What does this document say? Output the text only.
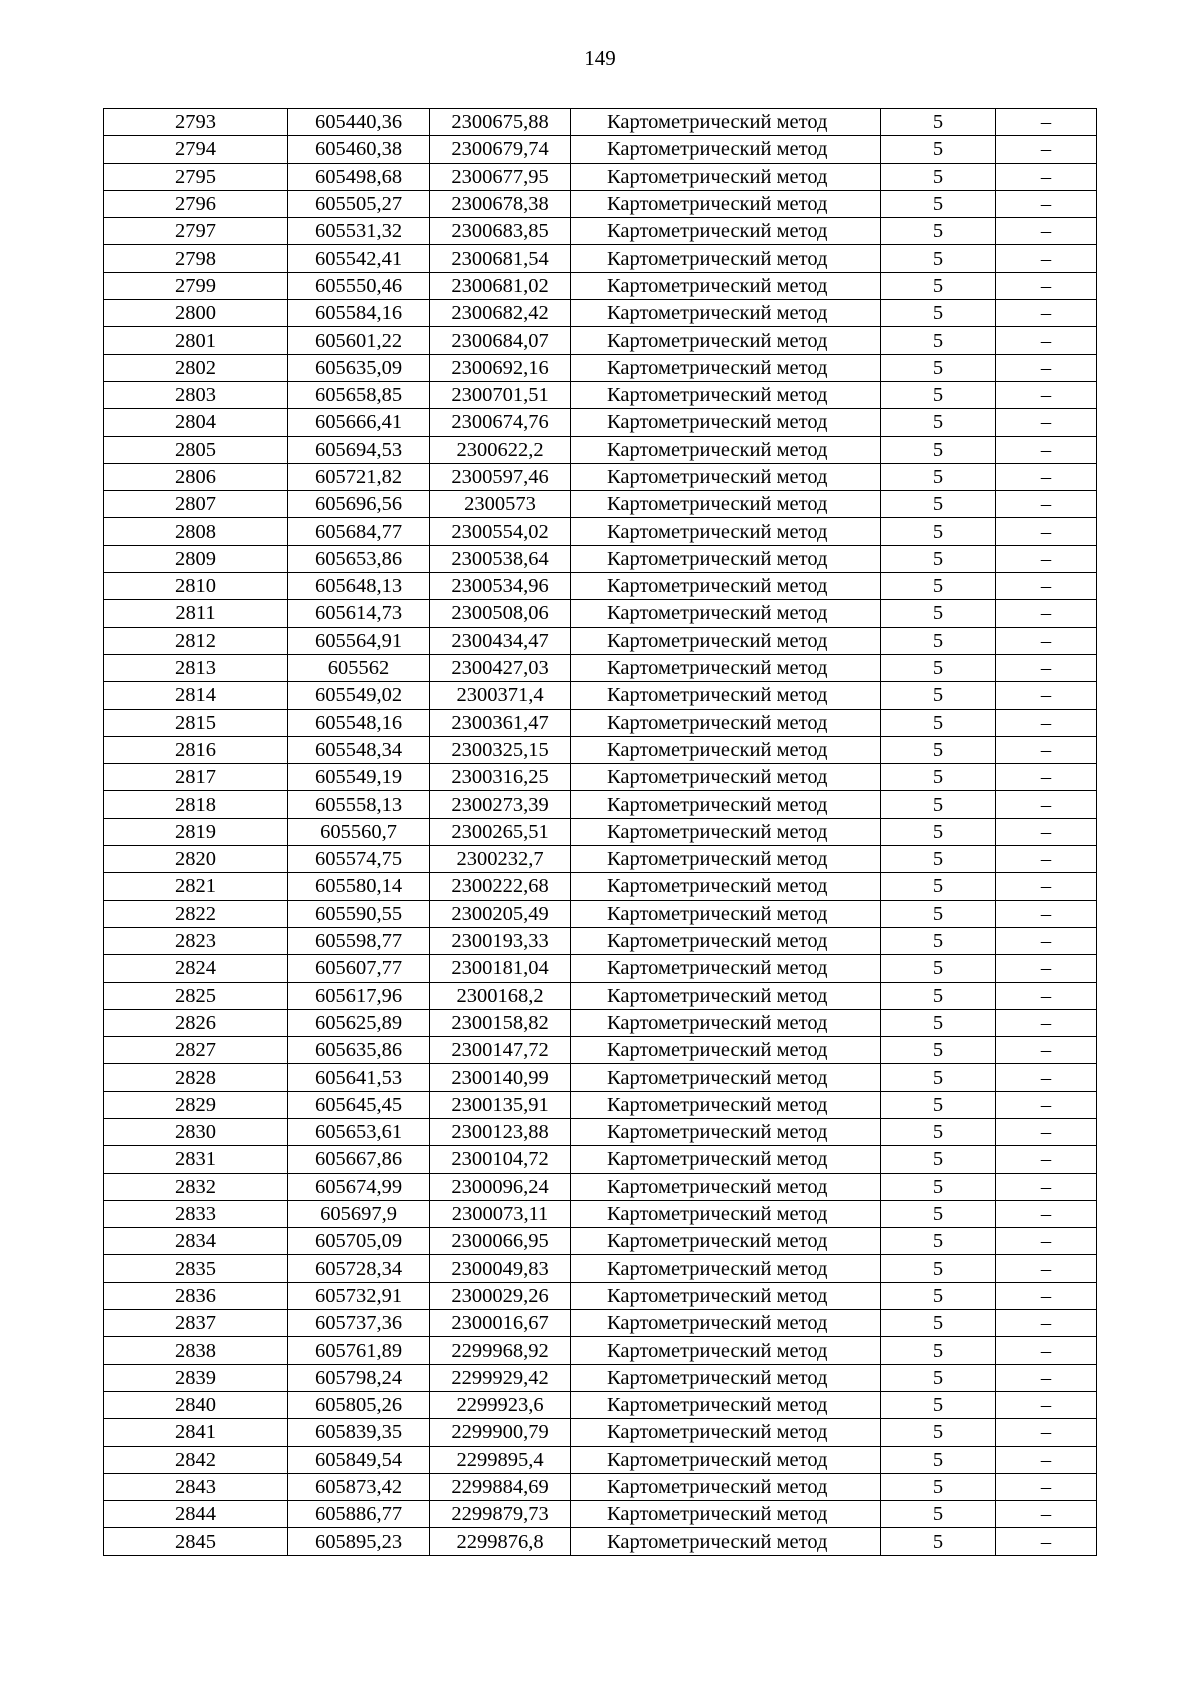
149
2793	605440,36	2300675,88	Картометрический метод	5	–
2794	605460,38	2300679,74	Картометрический метод	5	–
2795	605498,68	2300677,95	Картометрический метод	5	–
2796	605505,27	2300678,38	Картометрический метод	5	–
2797	605531,32	2300683,85	Картометрический метод	5	–
2798	605542,41	2300681,54	Картометрический метод	5	–
2799	605550,46	2300681,02	Картометрический метод	5	–
2800	605584,16	2300682,42	Картометрический метод	5	–
2801	605601,22	2300684,07	Картометрический метод	5	–
2802	605635,09	2300692,16	Картометрический метод	5	–
2803	605658,85	2300701,51	Картометрический метод	5	–
2804	605666,41	2300674,76	Картометрический метод	5	–
2805	605694,53	2300622,2	Картометрический метод	5	–
2806	605721,82	2300597,46	Картометрический метод	5	–
2807	605696,56	2300573	Картометрический метод	5	–
2808	605684,77	2300554,02	Картометрический метод	5	–
2809	605653,86	2300538,64	Картометрический метод	5	–
2810	605648,13	2300534,96	Картометрический метод	5	–
2811	605614,73	2300508,06	Картометрический метод	5	–
2812	605564,91	2300434,47	Картометрический метод	5	–
2813	605562	2300427,03	Картометрический метод	5	–
2814	605549,02	2300371,4	Картометрический метод	5	–
2815	605548,16	2300361,47	Картометрический метод	5	–
2816	605548,34	2300325,15	Картометрический метод	5	–
2817	605549,19	2300316,25	Картометрический метод	5	–
2818	605558,13	2300273,39	Картометрический метод	5	–
2819	605560,7	2300265,51	Картометрический метод	5	–
2820	605574,75	2300232,7	Картометрический метод	5	–
2821	605580,14	2300222,68	Картометрический метод	5	–
2822	605590,55	2300205,49	Картометрический метод	5	–
2823	605598,77	2300193,33	Картометрический метод	5	–
2824	605607,77	2300181,04	Картометрический метод	5	–
2825	605617,96	2300168,2	Картометрический метод	5	–
2826	605625,89	2300158,82	Картометрический метод	5	–
2827	605635,86	2300147,72	Картометрический метод	5	–
2828	605641,53	2300140,99	Картометрический метод	5	–
2829	605645,45	2300135,91	Картометрический метод	5	–
2830	605653,61	2300123,88	Картометрический метод	5	–
2831	605667,86	2300104,72	Картометрический метод	5	–
2832	605674,99	2300096,24	Картометрический метод	5	–
2833	605697,9	2300073,11	Картометрический метод	5	–
2834	605705,09	2300066,95	Картометрический метод	5	–
2835	605728,34	2300049,83	Картометрический метод	5	–
2836	605732,91	2300029,26	Картометрический метод	5	–
2837	605737,36	2300016,67	Картометрический метод	5	–
2838	605761,89	2299968,92	Картометрический метод	5	–
2839	605798,24	2299929,42	Картометрический метод	5	–
2840	605805,26	2299923,6	Картометрический метод	5	–
2841	605839,35	2299900,79	Картометрический метод	5	–
2842	605849,54	2299895,4	Картометрический метод	5	–
2843	605873,42	2299884,69	Картометрический метод	5	–
2844	605886,77	2299879,73	Картометрический метод	5	–
2845	605895,23	2299876,8	Картометрический метод	5	–
